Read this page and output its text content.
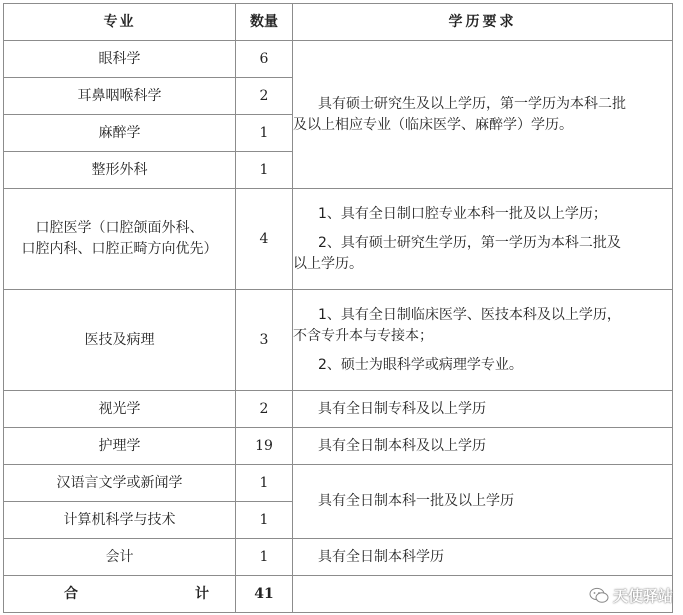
专业	数量	学历要求
眼科学	6	具有硕士研究生及以上学历，第一学历为本科二批
及以上相应专业（临床医学、麻醉学）学历。

耳鼻咽喉科学	2	
麻醉学	1	
整形外科	1	

口腔医学（口腔颌面外科、
口腔内科、口腔正畸方向优先）	4	1、具有全日制口腔专业本科一批及以上学历；
2、具有硕士研究生学历，第一学历为本科二批及
以上学历。

医技及病理	3	1、具有全日制临床医学、医技本科及以上学历，
不含专升本与专接本；
2、硕士为眼科学或病理学专业。

视光学	2	具有全日制专科及以上学历

护理学	19	具有全日制本科及以上学历

汉语言文学或新闻学	1	具有全日制本科一批及以上学历

计算机科学与技术	1	
会计	1	具有全日制本科学历

合 计	41		天使驿站
